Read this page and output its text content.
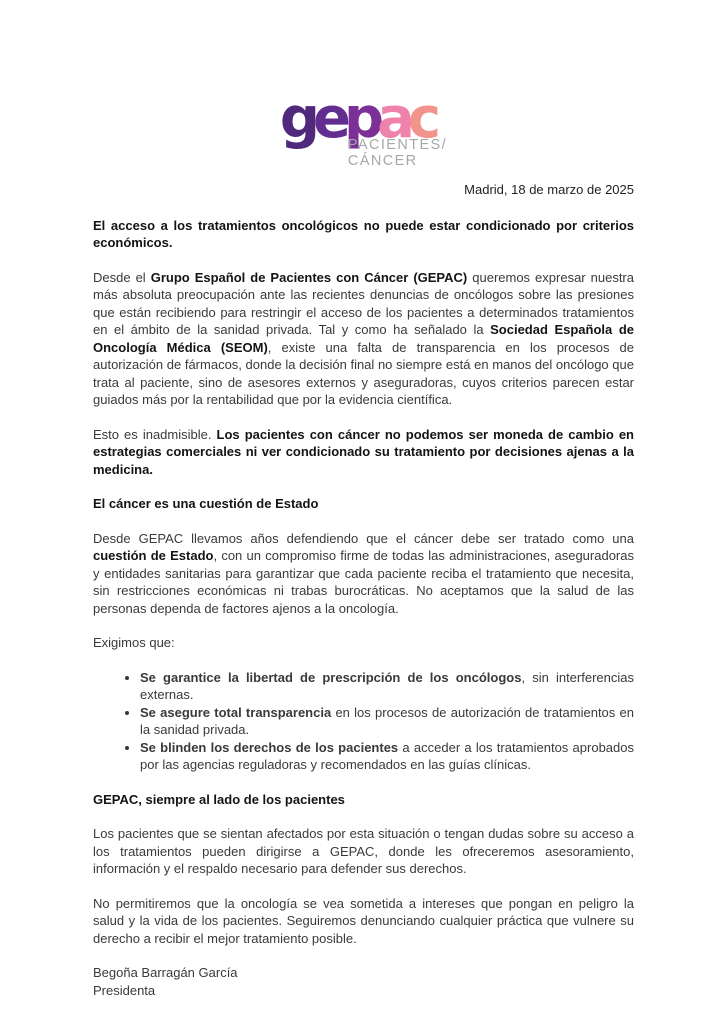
gepac
PACIENTES/
CÁNCER
Madrid, 18 de marzo de 2025

El acceso a los tratamientos oncológicos no puede estar condicionado por criterios económicos.

Desde el Grupo Español de Pacientes con Cáncer (GEPAC) queremos expresar nuestra más absoluta preocupación ante las recientes denuncias de oncólogos sobre las presiones que están recibiendo para restringir el acceso de los pacientes a determinados tratamientos en el ámbito de la sanidad privada. Tal y como ha señalado la Sociedad Española de Oncología Médica (SEOM), existe una falta de transparencia en los procesos de autorización de fármacos, donde la decisión final no siempre está en manos del oncólogo que trata al paciente, sino de asesores externos y aseguradoras, cuyos criterios parecen estar guiados más por la rentabilidad que por la evidencia científica.

Esto es inadmisible. Los pacientes con cáncer no podemos ser moneda de cambio en estrategias comerciales ni ver condicionado su tratamiento por decisiones ajenas a la medicina.

El cáncer es una cuestión de Estado

Desde GEPAC llevamos años defendiendo que el cáncer debe ser tratado como una cuestión de Estado, con un compromiso firme de todas las administraciones, aseguradoras y entidades sanitarias para garantizar que cada paciente reciba el tratamiento que necesita, sin restricciones económicas ni trabas burocráticas. No aceptamos que la salud de las personas dependa de factores ajenos a la oncología.

Exigimos que:

• Se garantice la libertad de prescripción de los oncólogos, sin interferencias externas.
• Se asegure total transparencia en los procesos de autorización de tratamientos en la sanidad privada.
• Se blinden los derechos de los pacientes a acceder a los tratamientos aprobados por las agencias reguladoras y recomendados en las guías clínicas.

GEPAC, siempre al lado de los pacientes

Los pacientes que se sientan afectados por esta situación o tengan dudas sobre su acceso a los tratamientos pueden dirigirse a GEPAC, donde les ofreceremos asesoramiento, información y el respaldo necesario para defender sus derechos.

No permitiremos que la oncología se vea sometida a intereses que pongan en peligro la salud y la vida de los pacientes. Seguiremos denunciando cualquier práctica que vulnere su derecho a recibir el mejor tratamiento posible.

Begoña Barragán García
Presidenta
